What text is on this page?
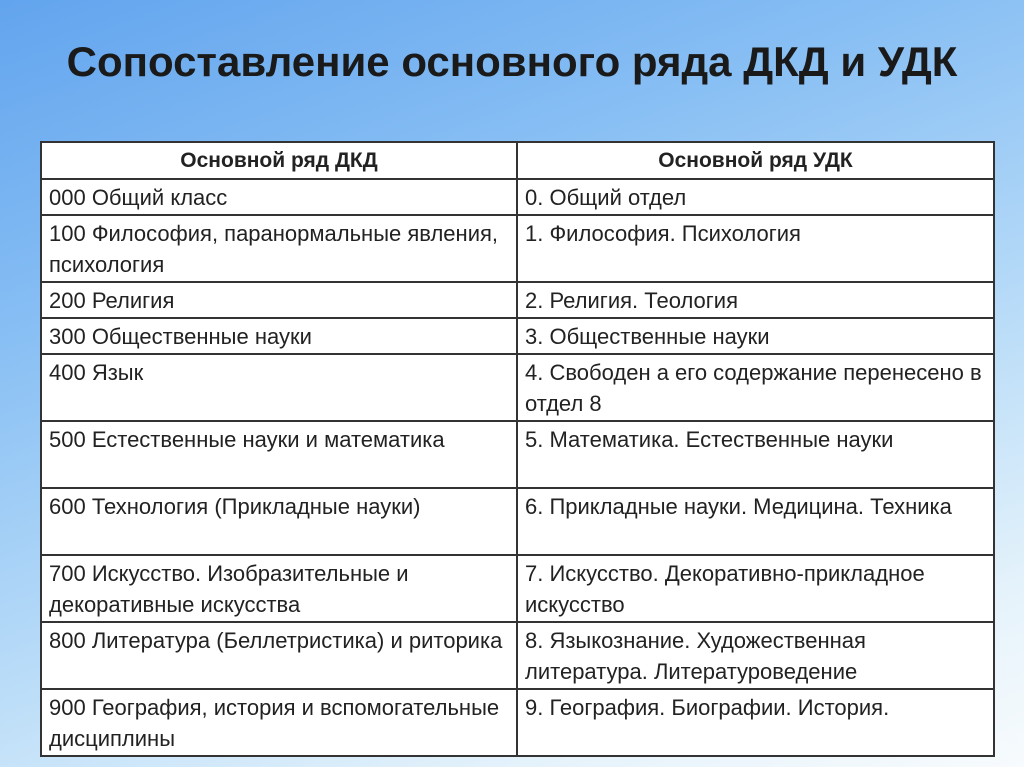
Сопоставление основного ряда ДКД и УДК
Основной ряд ДКД	Основной ряд УДК
000 Общий класс	0. Общий отдел
100 Философия, паранормальные явления, психология	1. Философия. Психология
200 Религия	2. Религия. Теология
300 Общественные науки	3. Общественные науки
400 Язык	4. Свободен а его содержание перенесено в отдел 8
500 Естественные науки и математика	5. Математика. Естественные науки
600 Технология (Прикладные науки)	6. Прикладные науки. Медицина. Техника
700 Искусство. Изобразительные и декоративные искусства	7. Искусство. Декоративно-прикладное искусство
800 Литература (Беллетристика) и риторика	8. Языкознание. Художественная литература. Литературоведение
900 География, история и вспомогательные дисциплины	9. География. Биографии. История.
